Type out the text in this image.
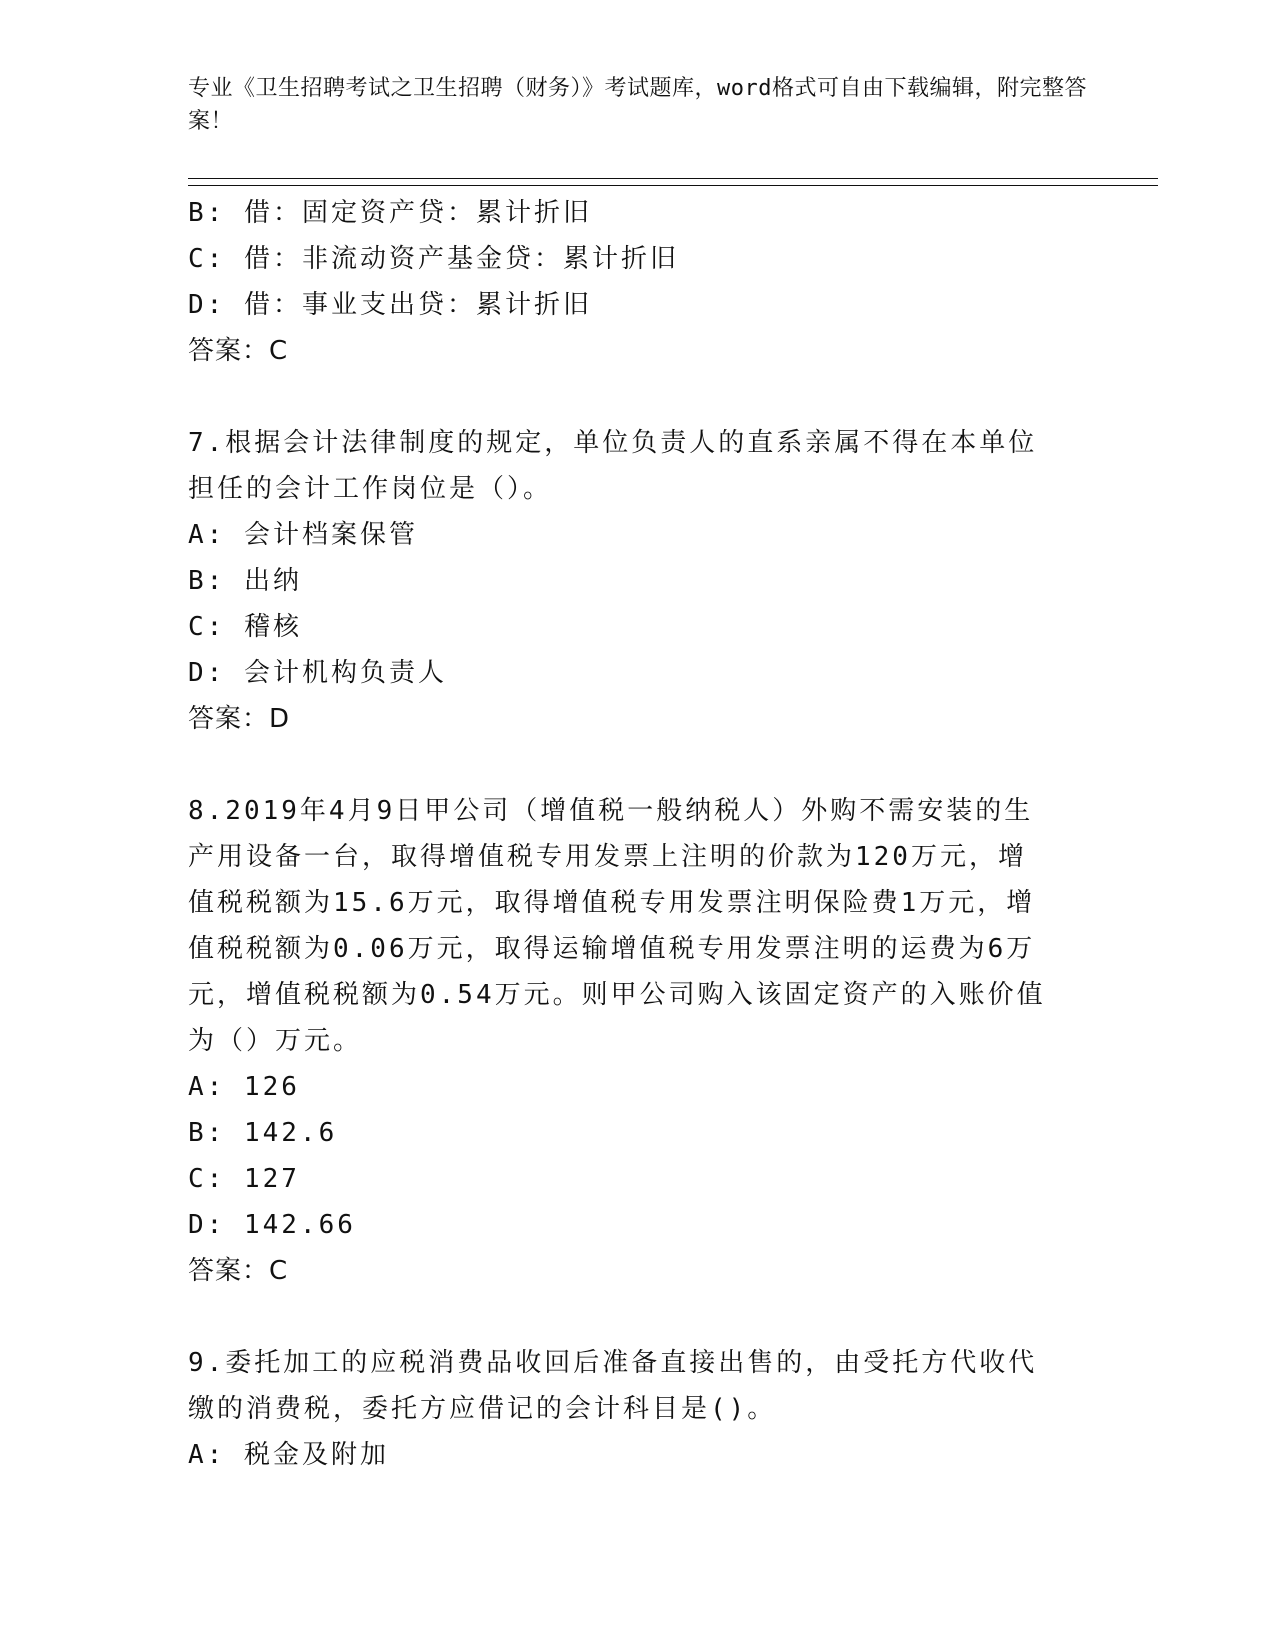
专业《卫生招聘考试之卫生招聘（财务）》考试题库，word格式可自由下载编辑，附完整答案！
B: 借：固定资产贷：累计折旧
C: 借：非流动资产基金贷：累计折旧
D: 借：事业支出贷：累计折旧
答案：C
7.根据会计法律制度的规定，单位负责人的直系亲属不得在本单位担任的会计工作岗位是（）。
A: 会计档案保管
B: 出纳
C: 稽核
D: 会计机构负责人
答案：D
8.2019年4月9日甲公司（增值税一般纳税人）外购不需安装的生产用设备一台，取得增值税专用发票上注明的价款为120万元，增值税税额为15.6万元，取得增值税专用发票注明保险费1万元，增值税税额为0.06万元，取得运输增值税专用发票注明的运费为6万元，增值税税额为0.54万元。则甲公司购入该固定资产的入账价值为（）万元。
A: 126
B: 142.6
C: 127
D: 142.66
答案：C
9.委托加工的应税消费品收回后准备直接出售的，由受托方代收代缴的消费税，委托方应借记的会计科目是()。
A: 税金及附加
